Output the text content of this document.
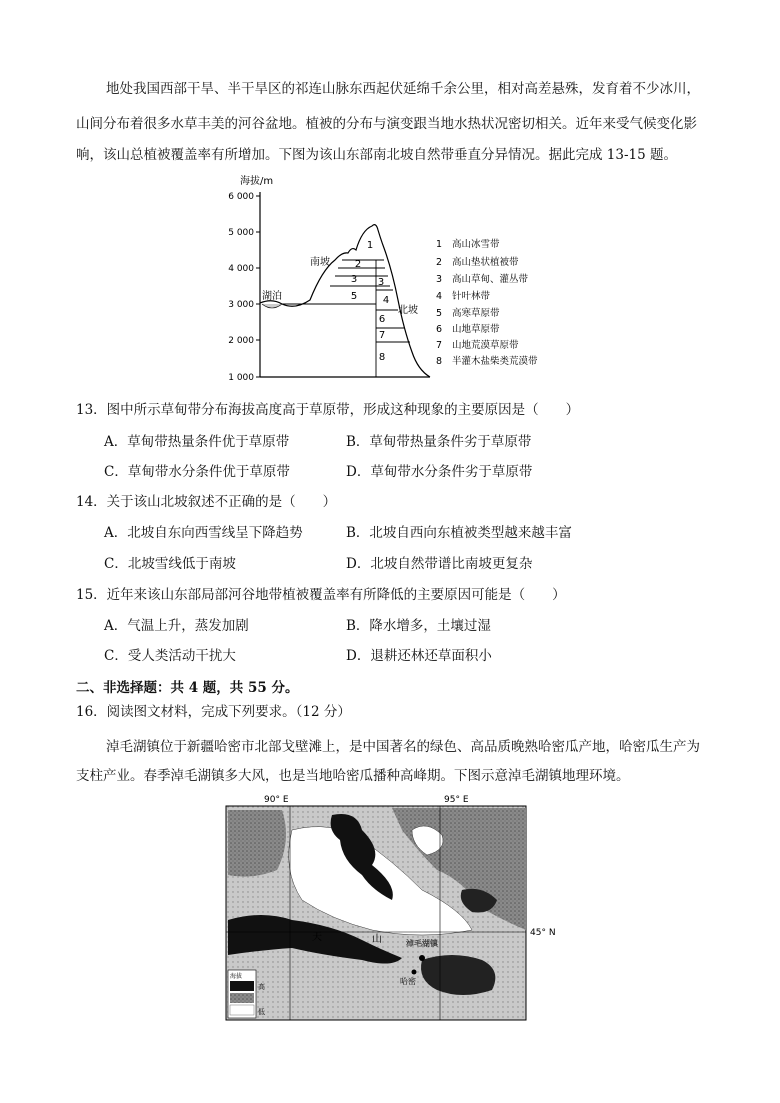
地处我国西部干旱、半干旱区的祁连山脉东西起伏延绵千余公里，相对高差悬殊，发育着不少冰川，
山间分布着很多水草丰美的河谷盆地。植被的分布与演变跟当地水热状况密切相关。近年来受气候变化影
响，该山总植被覆盖率有所增加。下图为该山东部南北坡自然带垂直分异情况。据此完成 13-15 题。
海拔/m
6 000
5 000
4 000
3 000
2 000
1 000
1
2
3 3
4
5
6
7
8
南坡
北坡
湖泊
1 高山冰雪带
2 高山垫状植被带
3 高山草甸、灌丛带
4 针叶林带
5 高寒草原带
6 山地草原带
7 山地荒漠草原带
8 半灌木盐柴类荒漠带
13．图中所示草甸带分布海拔高度高于草原带，形成这种现象的主要原因是（　　）
A．草甸带热量条件优于草原带	B．草甸带热量条件劣于草原带
C．草甸带水分条件优于草原带	D．草甸带水分条件劣于草原带
14．关于该山北坡叙述不正确的是（　　）
A．北坡自东向西雪线呈下降趋势	B．北坡自西向东植被类型越来越丰富
C．北坡雪线低于南坡	D．北坡自然带谱比南坡更复杂
15．近年来该山东部局部河谷地带植被覆盖率有所降低的主要原因可能是（　　）
A．气温上升，蒸发加剧	B．降水增多，土壤过湿
C．受人类活动干扰大	D．退耕还林还草面积小
二、非选择题：共 4 题，共 55 分。
16．阅读图文材料，完成下列要求。（12 分）
淖毛湖镇位于新疆哈密市北部戈壁滩上，是中国著名的绿色、高品质晚熟哈密瓜产地，哈密瓜生产为
支柱产业。春季淖毛湖镇多大风，也是当地哈密瓜播种高峰期。下图示意淖毛湖镇地理环境。
90° E	95° E
45° N
天	山	淖毛湖镇
哈密
海拔
高
低
